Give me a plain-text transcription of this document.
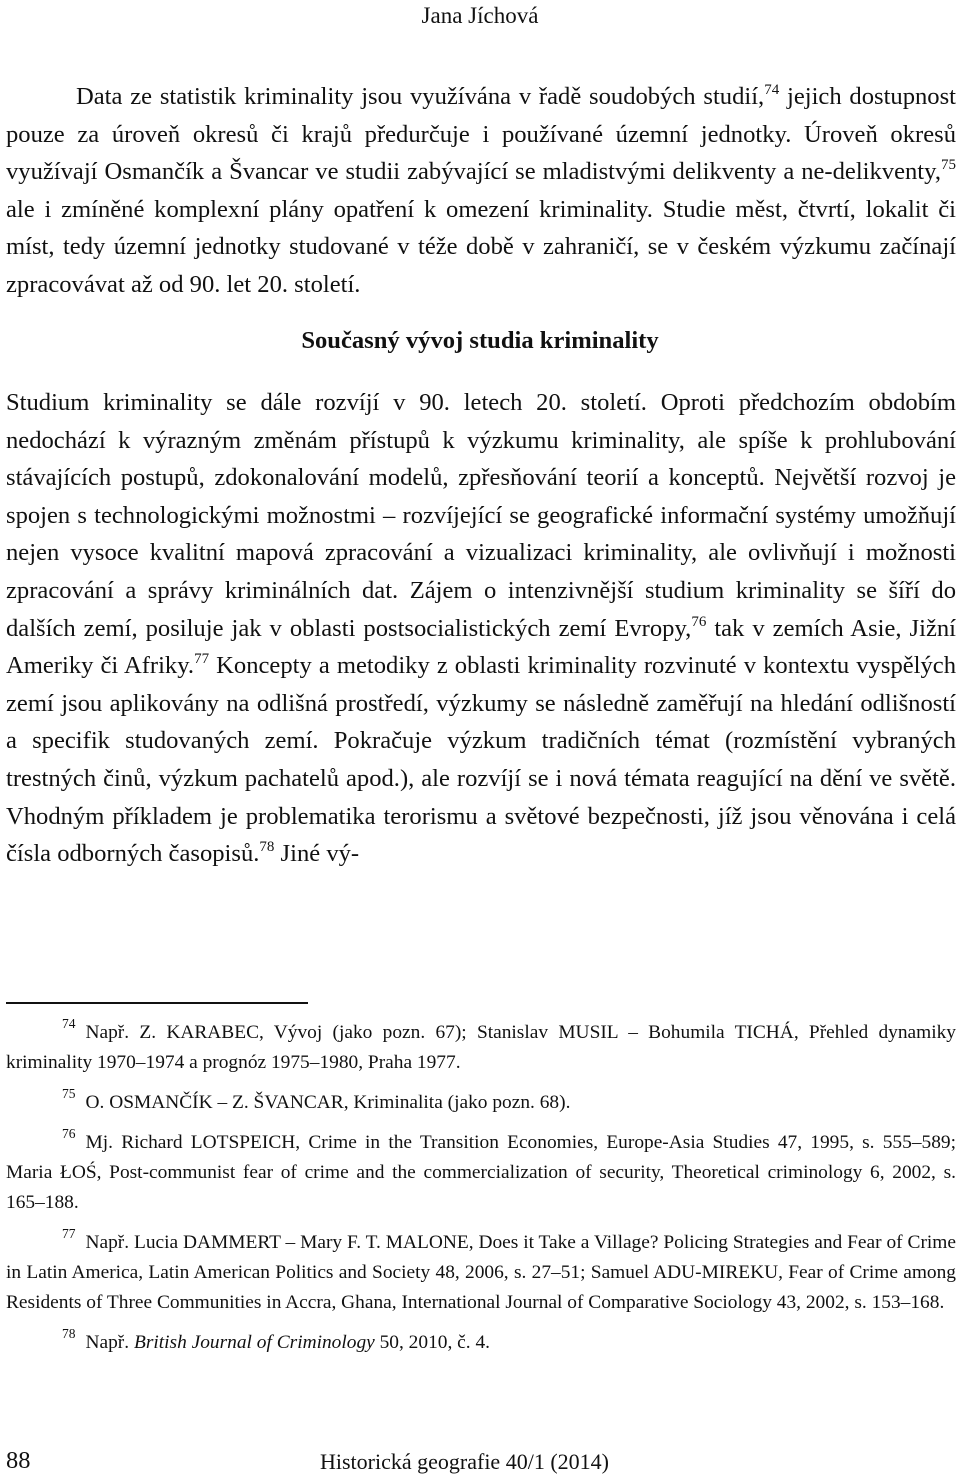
Jana Jíchová
Data ze statistik kriminality jsou využívána v řadě soudobých studií,$^{74}$ jejich dostupnost pouze za úroveň okresů či krajů předurčuje i používané územní jednotky. Úroveň okresů využívají Osmančík a Švancar ve studii zabývající se mladistvými delikventy a ne-delikventy,$^{75}$ ale i zmíněné komplexní plány opatření k omezení kriminality. Studie měst, čtvrtí, lokalit či míst, tedy územní jednotky studované v téže době v zahraničí, se v českém výzkumu začínají zpracovávat až od 90. let 20. století.
Současný vývoj studia kriminality
Studium kriminality se dále rozvíjí v 90. letech 20. století. Oproti předchozím obdobím nedochází k výrazným změnám přístupů k výzkumu kriminality, ale spíše k prohlubování stávajících postupů, zdokonalování modelů, zpřesňování teorií a konceptů. Největší rozvoj je spojen s technologickými možnostmi – rozvíjející se geografické informační systémy umožňují nejen vysoce kvalitní mapová zpracování a vizualizaci kriminality, ale ovlivňují i možnosti zpracování a správy kriminálních dat. Zájem o intenzivnější studium kriminality se šíří do dalších zemí, posiluje jak v oblasti postsocialistických zemí Evropy,$^{76}$ tak v zemích Asie, Jižní Ameriky či Afriky.$^{77}$ Koncepty a metodiky z oblasti kriminality rozvinuté v kontextu vyspělých zemí jsou aplikovány na odlišná prostředí, výzkumy se následně zaměřují na hledání odlišností a specifik studovaných zemí. Pokračuje výzkum tradičních témat (rozmístění vybraných trestných činů, výzkum pachatelů apod.), ale rozvíjí se i nová témata reagující na dění ve světě. Vhodným příkladem je problematika terorismu a světové bezpečnosti, jíž jsou věnována i celá čísla odborných časopisů.$^{78}$ Jiné vý-
$^{74}$ Např. Z. KARABEC, Vývoj (jako pozn. 67); Stanislav MUSIL – Bohumila TICHÁ, Přehled dynamiky kriminality 1970–1974 a prognóz 1975–1980, Praha 1977.
$^{75}$ O. OSMANČÍK – Z. ŠVANCAR, Kriminalita (jako pozn. 68).
$^{76}$ Mj. Richard LOTSPEICH, Crime in the Transition Economies, Europe-Asia Studies 47, 1995, s. 555–589; Maria ŁOŚ, Post-communist fear of crime and the commercialization of security, Theoretical criminology 6, 2002, s. 165–188.
$^{77}$ Např. Lucia DAMMERT – Mary F. T. MALONE, Does it Take a Village? Policing Strategies and Fear of Crime in Latin America, Latin American Politics and Society 48, 2006, s. 27–51; Samuel ADU-MIREKU, Fear of Crime among Residents of Three Communities in Accra, Ghana, International Journal of Comparative Sociology 43, 2002, s. 153–168.
$^{78}$ Např. British Journal of Criminology 50, 2010, č. 4.
88	Historická geografie 40/1 (2014)
